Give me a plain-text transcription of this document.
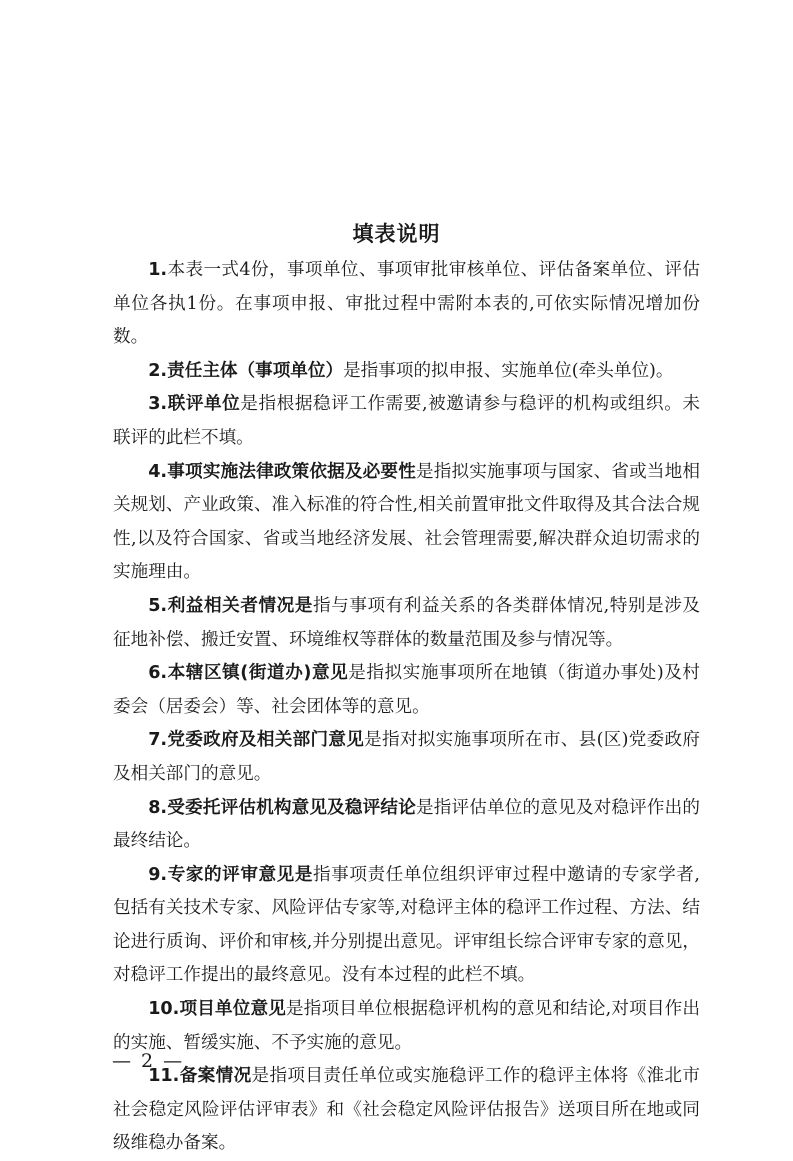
填表说明

1.本表一式4份，事项单位、事项审批审核单位、评估备案单位、评估单位各执1份。在事项申报、审批过程中需附本表的,可依实际情况增加份数。

2.责任主体（事项单位）是指事项的拟申报、实施单位(牵头单位)。

3.联评单位是指根据稳评工作需要,被邀请参与稳评的机构或组织。未联评的此栏不填。

4.事项实施法律政策依据及必要性是指拟实施事项与国家、省或当地相关规划、产业政策、准入标准的符合性,相关前置审批文件取得及其合法合规性,以及符合国家、省或当地经济发展、社会管理需要,解决群众迫切需求的实施理由。

5.利益相关者情况是指与事项有利益关系的各类群体情况,特别是涉及征地补偿、搬迁安置、环境维权等群体的数量范围及参与情况等。

6.本辖区镇(街道办)意见是指拟实施事项所在地镇（街道办事处)及村委会（居委会）等、社会团体等的意见。

7.党委政府及相关部门意见是指对拟实施事项所在市、县(区)党委政府及相关部门的意见。

8.受委托评估机构意见及稳评结论是指评估单位的意见及对稳评作出的最终结论。

9.专家的评审意见是指事项责任单位组织评审过程中邀请的专家学者,包括有关技术专家、风险评估专家等,对稳评主体的稳评工作过程、方法、结论进行质询、评价和审核,并分别提出意见。评审组长综合评审专家的意见，对稳评工作提出的最终意见。没有本过程的此栏不填。

10.项目单位意见是指项目单位根据稳评机构的意见和结论,对项目作出的实施、暂缓实施、不予实施的意见。

11.备案情况是指项目责任单位或实施稳评工作的稳评主体将《淮北市社会稳定风险评估评审表》和《社会稳定风险评估报告》送项目所在地或同级维稳办备案。

— 2 —
